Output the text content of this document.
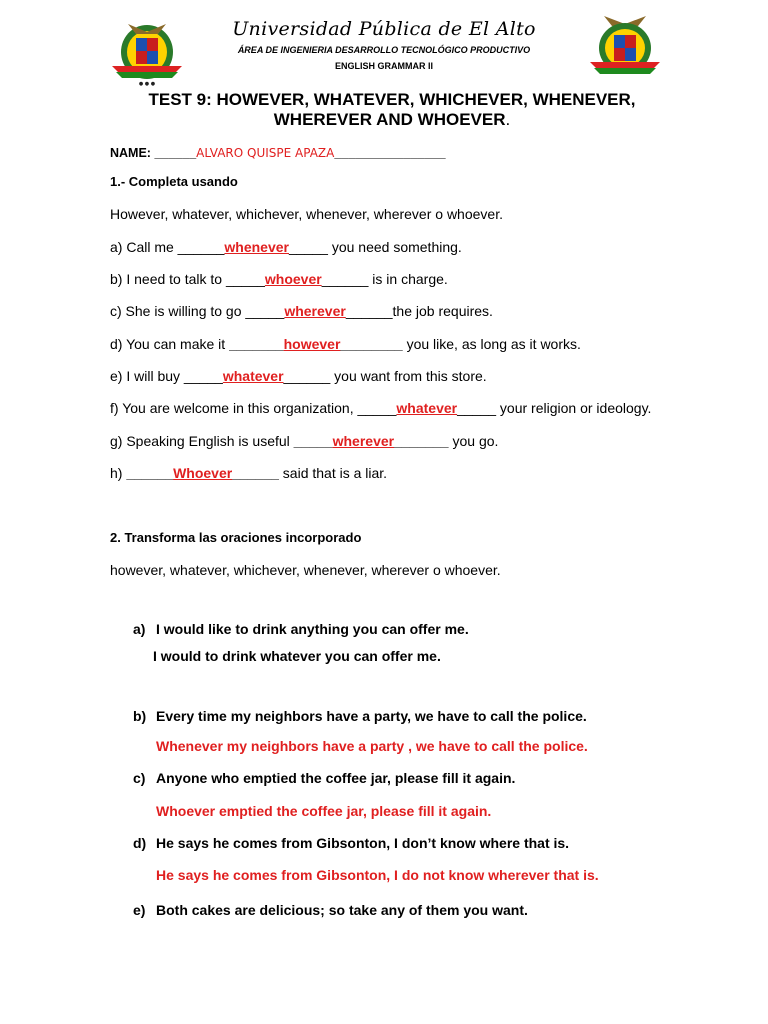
● ● ●
Universidad Pública de El Alto
ÁREA DE INGENIERIA DESARROLLO TECNOLÓGICO PRODUCTIVO
ENGLISH GRAMMAR II
TEST 9: HOWEVER, WHATEVER, WHICHEVER, WHENEVER,
WHEREVER AND WHOEVER.
NAME: ______ALVARO QUISPE APAZA________________
1.- Completa usando
However, whatever, whichever, whenever, wherever o whoever.
a) Call me ______whenever_____ you need something.
b) I need to talk to _____whoever______ is in charge.
c) She is willing to go _____wherever______the job requires.
d) You can make it _______however________ you like, as long as it works.
e) I will buy _____whatever______ you want from this store.
f) You are welcome in this organization, _____whatever_____ your religion or ideology.
g) Speaking English is useful _____wherever_______ you go.
h) ______Whoever______ said that is a liar.
2. Transforma las oraciones incorporado
however, whatever, whichever, whenever, wherever o whoever.
a) I would like to drink anything you can offer me.
I would to drink whatever you can offer me.
b) Every time my neighbors have a party, we have to call the police.
Whenever my neighbors have a party , we have to call the police.
c) Anyone who emptied the coffee jar, please fill it again.
Whoever emptied the coffee jar, please fill it again.
d) He says he comes from Gibsonton, I don’t know where that is.
He says he comes from Gibsonton, I do not know wherever that is.
e) Both cakes are delicious; so take any of them you want.
